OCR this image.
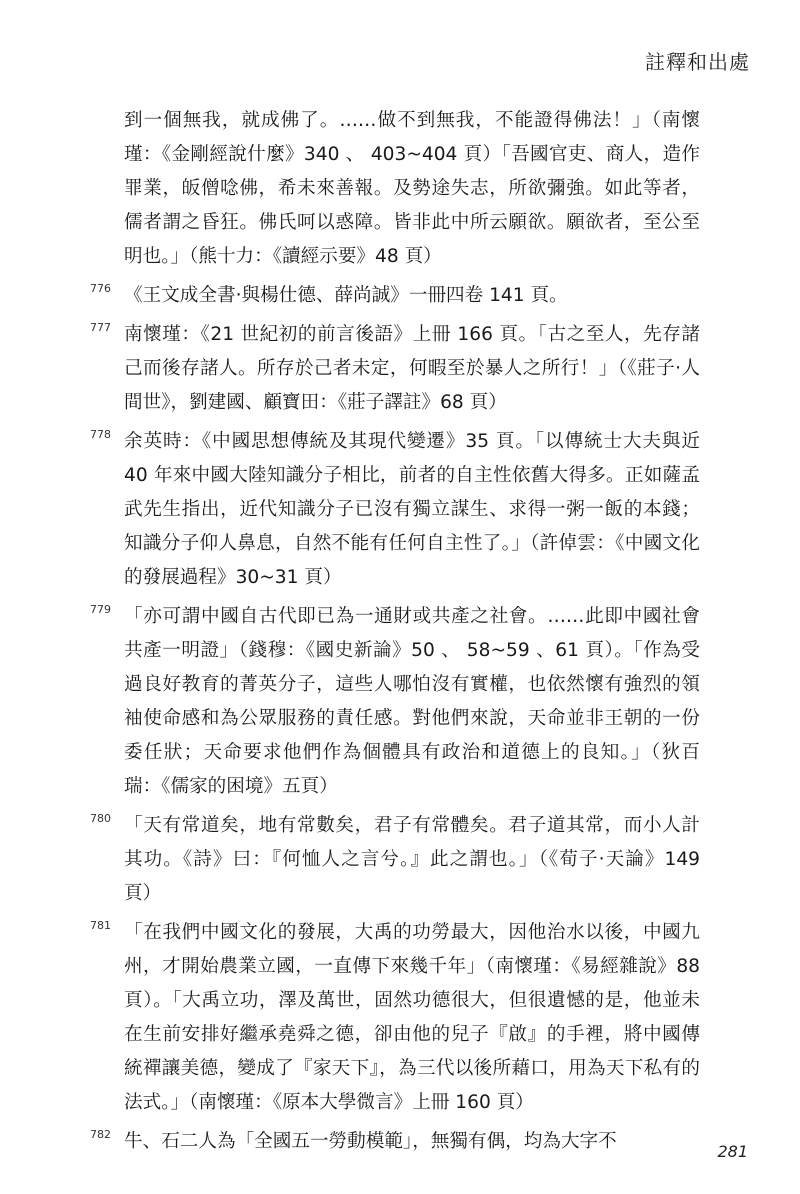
註釋和出處

到一個無我，就成佛了。……做不到無我，不能證得佛法！」（南懷瑾：《金剛經說什麼》340 、 403~404 頁）「吾國官吏、商人，造作罪業，皈僧唸佛，希未來善報。及勢途失志，所欲彌強。如此等者，儒者謂之昏狂。佛氏呵以惑障。皆非此中所云願欲。願欲者，至公至明也。」（熊十力：《讀經示要》48 頁）

776 《王文成全書‧與楊仕德、薛尚誠》一冊四卷 141 頁。

777 南懷瑾：《21 世紀初的前言後語》上冊 166 頁。「古之至人，先存諸己而後存諸人。所存於己者未定，何暇至於暴人之所行！」（《莊子‧人間世》，劉建國、顧寶田：《莊子譯註》68 頁）

778 余英時：《中國思想傳統及其現代變遷》35 頁。「以傳統士大夫與近 40 年來中國大陸知識分子相比，前者的自主性依舊大得多。正如薩孟武先生指出，近代知識分子已沒有獨立謀生、求得一粥一飯的本錢；知識分子仰人鼻息，自然不能有任何自主性了。」（許倬雲：《中國文化的發展過程》30~31 頁）

779 「亦可謂中國自古代即已為一通財或共產之社會。……此即中國社會共產一明證」（錢穆：《國史新論》50 、 58~59 、61 頁）。「作為受過良好教育的菁英分子，這些人哪怕沒有實權，也依然懷有強烈的領袖使命感和為公眾服務的責任感。對他們來說，天命並非王朝的一份委任狀；天命要求他們作為個體具有政治和道德上的良知。」（狄百瑞：《儒家的困境》五頁）

780 「天有常道矣，地有常數矣，君子有常體矣。君子道其常，而小人計其功。《詩》曰：『何恤人之言兮。』此之謂也。」（《荀子‧天論》149 頁）

781 「在我們中國文化的發展，大禹的功勞最大，因他治水以後，中國九州，才開始農業立國，一直傳下來幾千年」（南懷瑾：《易經雜說》88 頁）。「大禹立功，澤及萬世，固然功德很大，但很遺憾的是，他並未在生前安排好繼承堯舜之德，卻由他的兒子『啟』的手裡，將中國傳統禪讓美德，變成了『家天下』，為三代以後所藉口，用為天下私有的法式。」（南懷瑾：《原本大學微言》上冊 160 頁）

782 牛、石二人為「全國五一勞動模範」，無獨有偶，均為大字不	281
